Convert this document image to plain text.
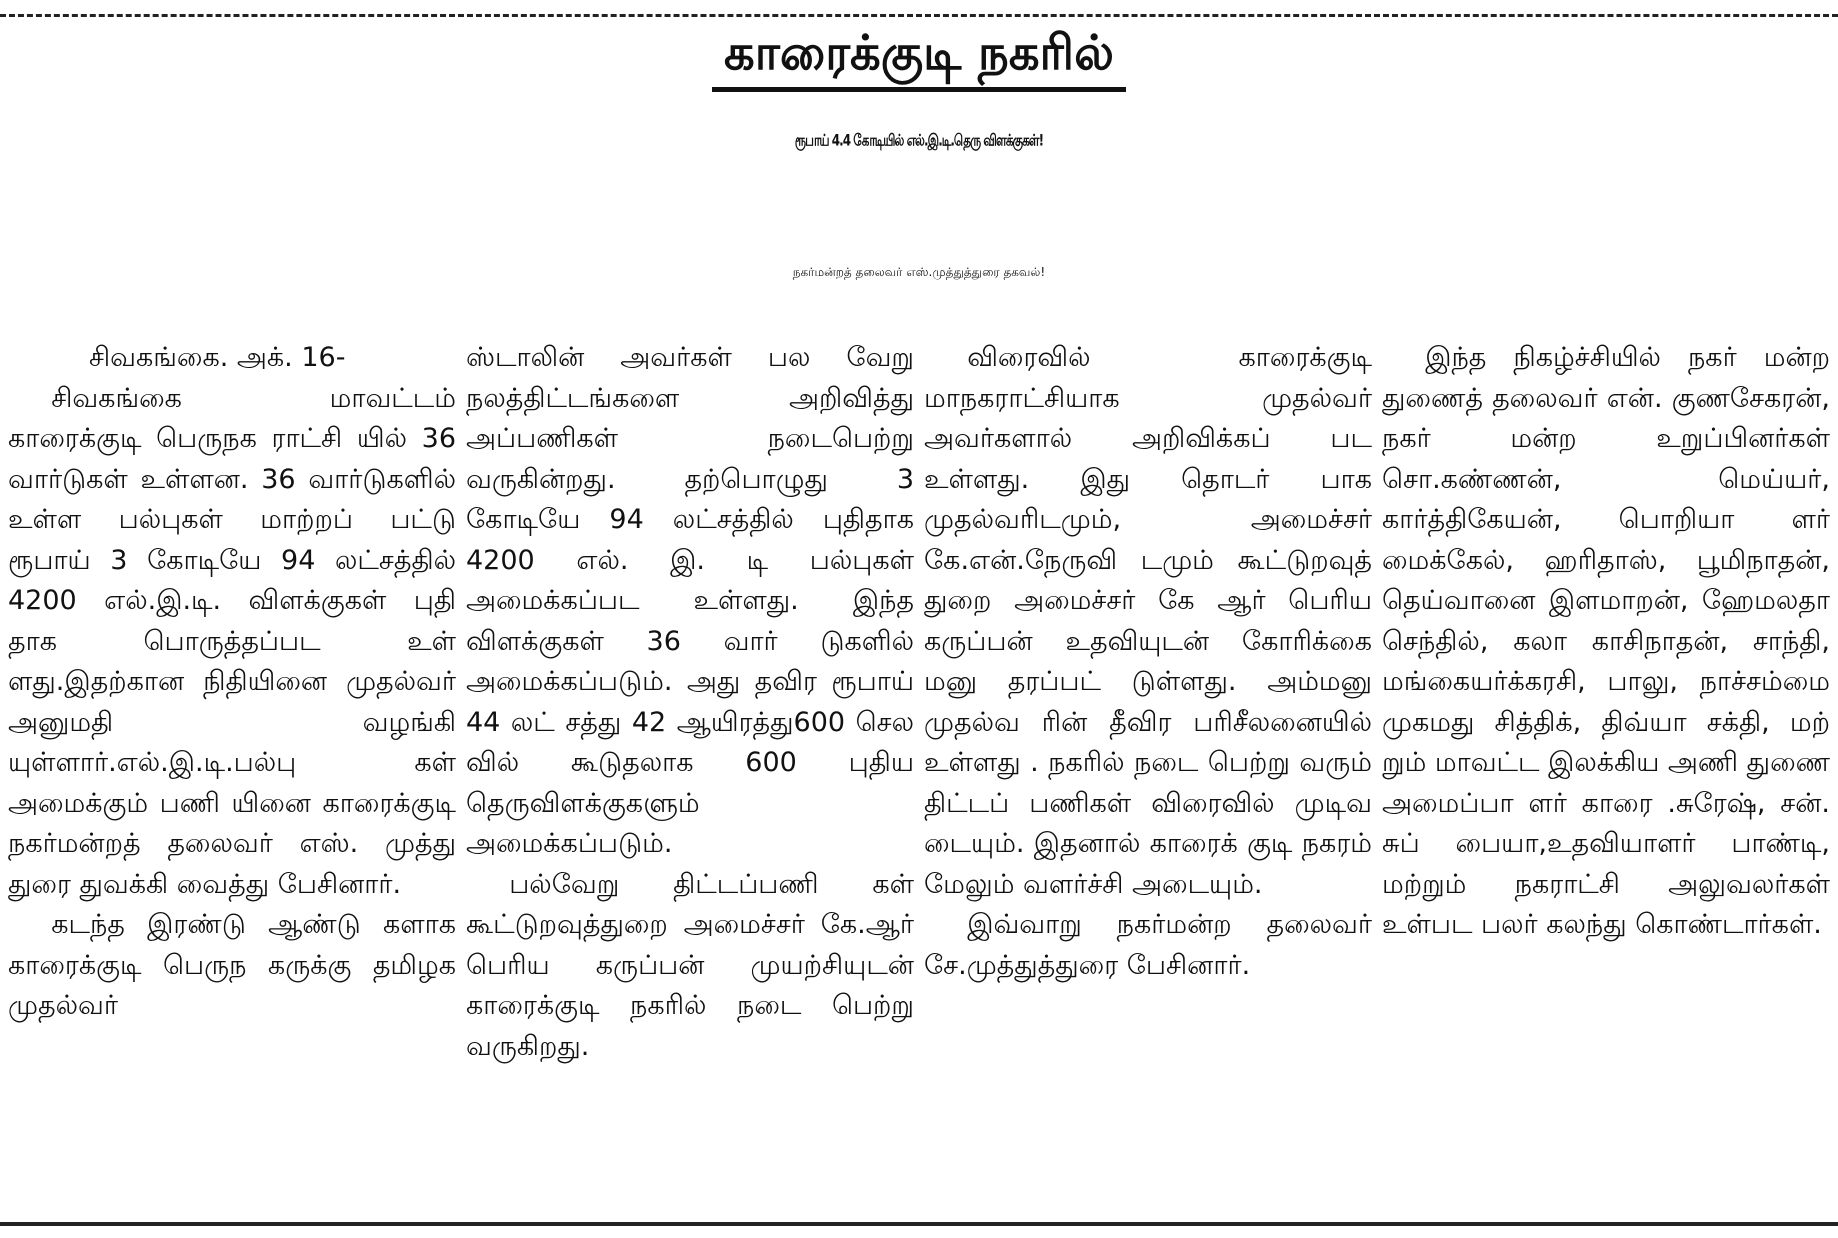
காரைக்குடி நகரில்
ரூபாய் 4.4 கோடியில் எல்.இ.டி.தெரு விளக்குகள்!
நகர்மன்றத் தலைவர் எஸ்.முத்துத்துரை தகவல்!

சிவகங்கை. அக். 16-

சிவகங்கை மாவட்டம் காரைக்குடி பெருநக ராட்சி யில் 36 வார்டுகள் உள்ளன. 36 வார்டுகளில் உள்ள பல்புகள் மாற்றப் பட்டு ரூபாய் 3 கோடியே 94 லட்சத்தில் 4200 எல்.இ.டி. விளக்குகள் புதி தாக பொருத்தப்பட உள் ளது.இதற்கான நிதியினை முதல்வர் அனுமதி வழங்கி யுள்ளார்.எல்.இ.டி.பல்பு கள் அமைக்கும் பணி யினை காரைக்குடி நகர்மன்றத் தலைவர் எஸ். முத்து துரை துவக்கி வைத்து பேசினார்.

கடந்த இரண்டு ஆண்டு களாக காரைக்குடி பெருந கருக்கு தமிழக முதல்வர்

ஸ்டாலின் அவர்கள் பல வேறு நலத்திட்டங்களை அறிவித்து அப்பணிகள் நடைபெற்று வருகின்றது. தற்பொழுது 3 கோடியே 94 லட்சத்தில் புதிதாக 4200 எல். இ. டி பல்புகள் அமைக்கப்பட உள்ளது. இந்த விளக்குகள் 36 வார் டுகளில் அமைக்கப்படும். அது தவிர ரூபாய் 44 லட் சத்து 42 ஆயிரத்து600 செல வில் கூடுதலாக 600 புதிய தெருவிளக்குகளும் அமைக்கப்படும்.

பல்வேறு திட்டப்பணி கள் கூட்டுறவுத்துறை அமைச்சர் கே.ஆர் பெரிய கருப்பன் முயற்சியுடன் காரைக்குடி நகரில் நடை பெற்று வருகிறது.

விரைவில் காரைக்குடி மாநகராட்சியாக முதல்வர் அவர்களால் அறிவிக்கப் பட உள்ளது. இது தொடர் பாக முதல்வரிடமும், அமைச்சர் கே.என்.நேருவி டமும் கூட்டுறவுத் துறை அமைச்சர் கே ஆர் பெரிய கருப்பன் உதவியுடன் கோரிக்கை மனு தரப்பட் டுள்ளது. அம்மனு முதல்வ ரின் தீவிர பரிசீலனையில் உள்ளது . நகரில் நடை பெற்று வரும் திட்டப் பணிகள் விரைவில் முடிவ டையும். இதனால் காரைக் குடி நகரம் மேலும் வளர்ச்சி அடையும்.

இவ்வாறு நகர்மன்ற தலைவர் சே.முத்துத்துரை பேசினார்.

இந்த நிகழ்ச்சியில் நகர் மன்ற துணைத் தலைவர் என். குணசேகரன், நகர் மன்ற உறுப்பினர்கள் சொ.கண்ணன், மெய்யர், கார்த்திகேயன், பொறியா ளர் மைக்கேல், ஹரிதாஸ், பூமிநாதன், தெய்வானை இளமாறன், ஹேமலதா செந்தில், கலா காசிநாதன், சாந்தி, மங்கையர்க்கரசி, பாலு, நாச்சம்மை முகமது சித்திக், திவ்யா சக்தி, மற் றும் மாவட்ட இலக்கிய அணி துணை அமைப்பா ளர் காரை .சுரேஷ், சன். சுப் பையா,உதவியாளர் பாண்டி, மற்றும் நகராட்சி அலுவலர்கள் உள்பட பலர் கலந்து கொண்டார்கள்.
